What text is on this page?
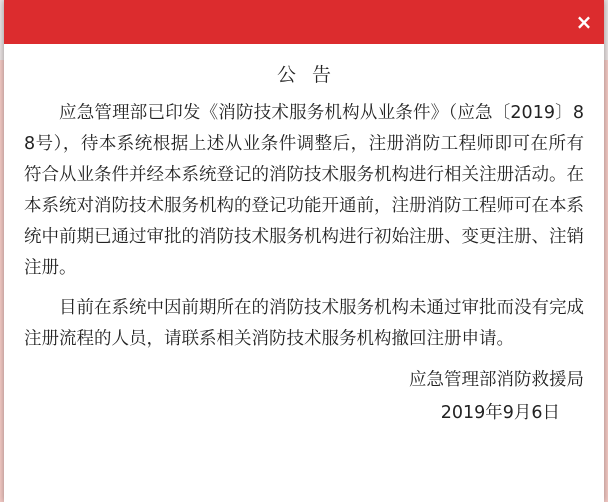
×
公告

应急管理部已印发《消防技术服务机构从业条件》（应急〔2019〕88号），待本系统根据上述从业条件调整后，注册消防工程师即可在所有符合从业条件并经本系统登记的消防技术服务机构进行相关注册活动。在本系统对消防技术服务机构的登记功能开通前，注册消防工程师可在本系统中前期已通过审批的消防技术服务机构进行初始注册、变更注册、注销注册。

目前在系统中因前期所在的消防技术服务机构未通过审批而没有完成注册流程的人员，请联系相关消防技术服务机构撤回注册申请。

应急管理部消防救援局
2019年9月6日
